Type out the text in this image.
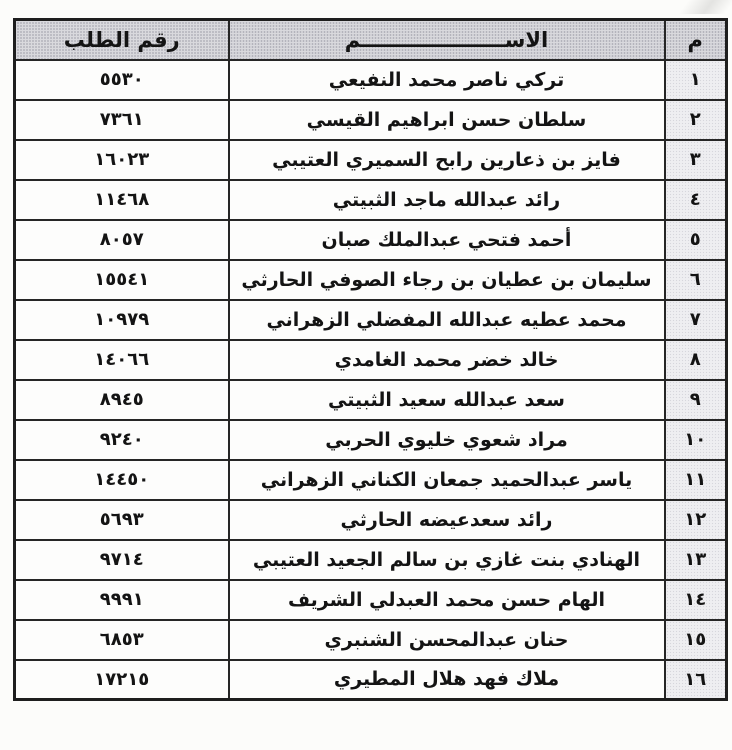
م	الاســــــــــــــــــــم	رقم الطلب
١	تركي ناصر محمد النفيعي	٥٥٣٠
٢	سلطان حسن ابراهيم القيسي	٧٣٦١
٣	فايز بن ذعارين رابح السميري العتيبي	١٦٠٢٣
٤	رائد عبدالله ماجد الثبيتي	١١٤٦٨
٥	أحمد فتحي عبدالملك صبان	٨٠٥٧
٦	سليمان بن عطيان بن رجاء الصوفي الحارثي	١٥٥٤١
٧	محمد عطيه عبدالله المفضلي الزهراني	١٠٩٧٩
٨	خالد خضر محمد الغامدي	١٤٠٦٦
٩	سعد عبدالله سعيد الثبيتي	٨٩٤٥
١٠	مراد شعوي خليوي الحربي	٩٢٤٠
١١	ياسر عبدالحميد جمعان الكناني الزهراني	١٤٤٥٠
١٢	رائد سعدعيضه الحارثي	٥٦٩٣
١٣	الهنادي بنت غازي بن سالم الجعيد العتيبي	٩٧١٤
١٤	الهام حسن محمد العبدلي الشريف	٩٩٩١
١٥	حنان عبدالمحسن الشنبري	٦٨٥٣
١٦	ملاك فهد هلال المطيري	١٧٢١٥
